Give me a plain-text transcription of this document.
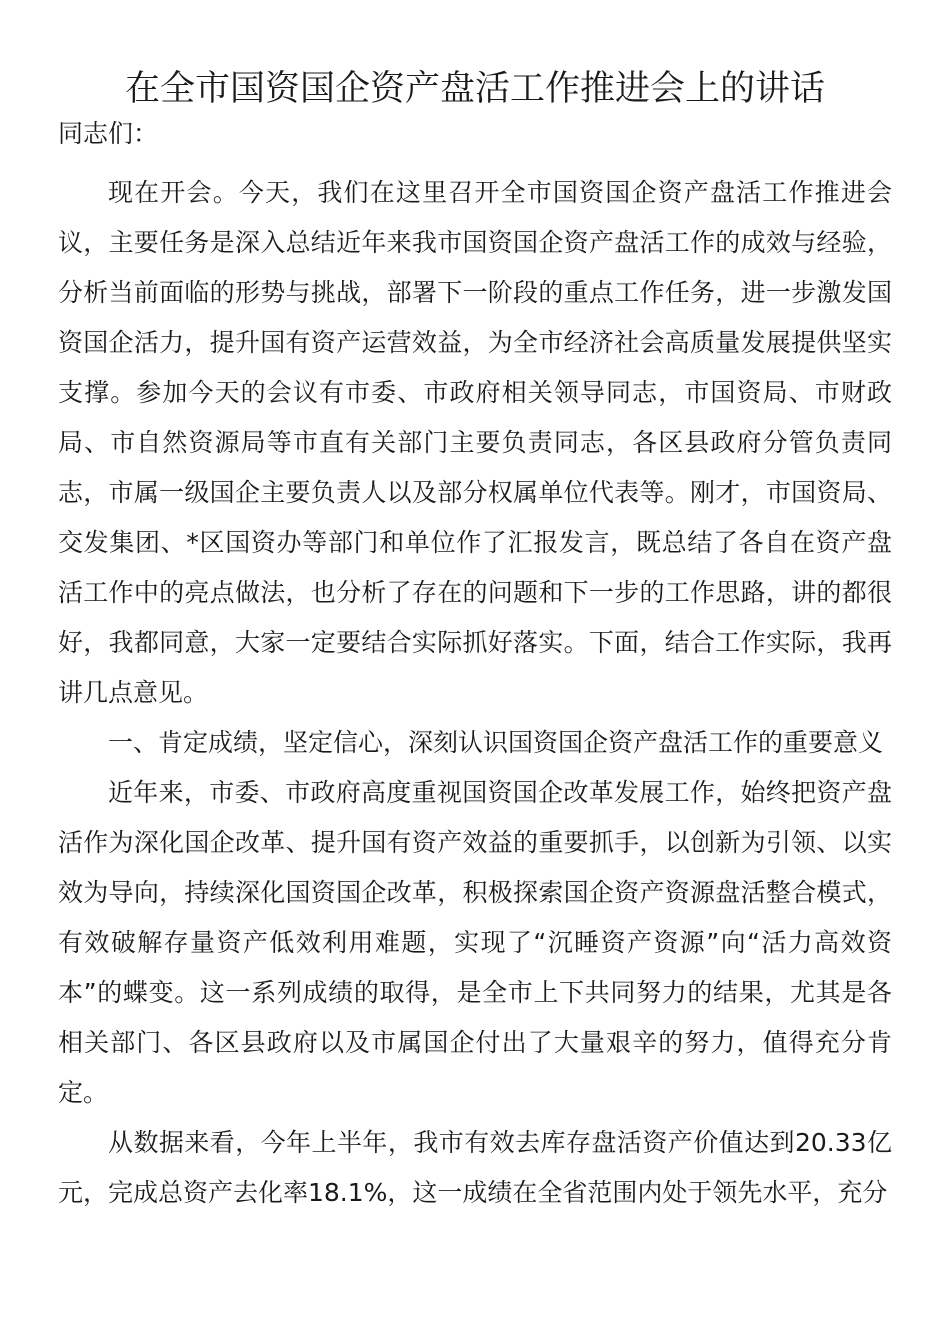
在全市国资国企资产盘活工作推进会上的讲话

同志们：

现在开会。今天，我们在这里召开全市国资国企资产盘活工作推进会议，主要任务是深入总结近年来我市国资国企资产盘活工作的成效与经验，分析当前面临的形势与挑战，部署下一阶段的重点工作任务，进一步激发国资国企活力，提升国有资产运营效益，为全市经济社会高质量发展提供坚实支撑。参加今天的会议有市委、市政府相关领导同志，市国资局、市财政局、市自然资源局等市直有关部门主要负责同志，各区县政府分管负责同志，市属一级国企主要负责人以及部分权属单位代表等。刚才，市国资局、交发集团、*区国资办等部门和单位作了汇报发言，既总结了各自在资产盘活工作中的亮点做法，也分析了存在的问题和下一步的工作思路，讲的都很好，我都同意，大家一定要结合实际抓好落实。下面，结合工作实际，我再讲几点意见。

一、肯定成绩，坚定信心，深刻认识国资国企资产盘活工作的重要意义

近年来，市委、市政府高度重视国资国企改革发展工作，始终把资产盘活作为深化国企改革、提升国有资产效益的重要抓手，以创新为引领、以实效为导向，持续深化国资国企改革，积极探索国企资产资源盘活整合模式，有效破解存量资产低效利用难题，实现了“沉睡资产资源”向“活力高效资本”的蝶变。这一系列成绩的取得，是全市上下共同努力的结果，尤其是各相关部门、各区县政府以及市属国企付出了大量艰辛的努力，值得充分肯定。

从数据来看，今年上半年，我市有效去库存盘活资产价值达到20.33亿元，完成总资产去化率18.1%，这一成绩在全省范围内处于领先水平，充分
